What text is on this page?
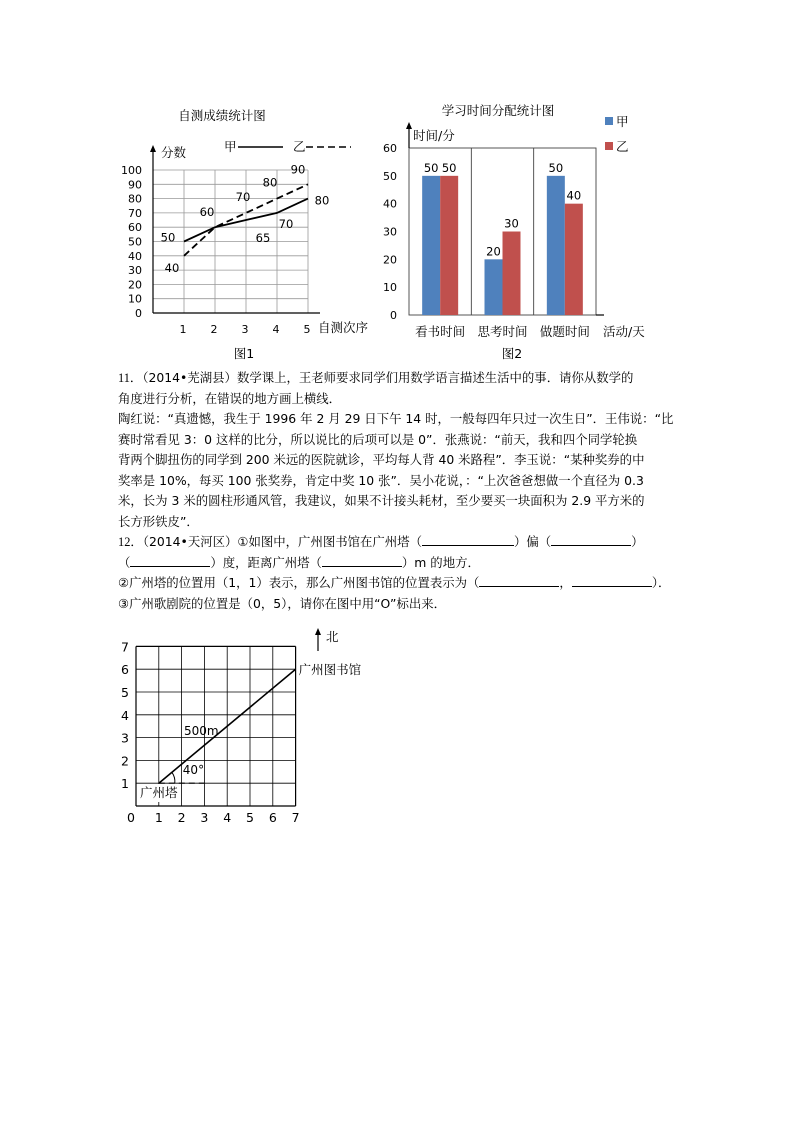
自测成绩统计图
甲	乙
0
10
20
30
40
50
60
70
80
90
100
1 2 3 4 5
50
40
60
65
70
70
80
80
90
分数
自测次序
图1
学习时间分配统计图
甲
乙
时间/分
50 50
20
30
50
40
0
10
20
30
40
50
60
看书时间 思考时间 做题时间 活动/天
图2
11．（2014•芜湖县）数学课上，王老师要求同学们用数学语言描述生活中的事．请你从数学的
角度进行分析，在错误的地方画上横线．
陶红说：“真遗憾，我生于 1996 年 2 月 29 日下午 14 时，一般每四年只过一次生日”．王伟说：“比
赛时常看见 3：0 这样的比分，所以说比的后项可以是 0”．张燕说：“前天，我和四个同学轮换
背两个脚扭伤的同学到 200 米远的医院就诊，平均每人背 40 米路程”．李玉说：“某种奖券的中
奖率是 10%，每买 100 张奖券，肯定中奖 10 张”．吴小花说，：“上次爸爸想做一个直径为 0.3
米，长为 3 米的圆柱形通风管，我建议，如果不计接头耗材，至少要买一块面积为 2.9 平方米的
长方形铁皮”．
12．（2014•天河区）①如图中，广州图书馆在广州塔（	）偏（	）
（	）度，距离广州塔（	）m 的地方．
②广州塔的位置用（1，1）表示，那么广州图书馆的位置表示为（	，	）．
③广州歌剧院的位置是（0，5），请你在图中用“O”标出来．
0 1 2 3 4 5 6 7
1
2
3
4
5
6
7
北
40°
500m
广州塔
广州图书馆
